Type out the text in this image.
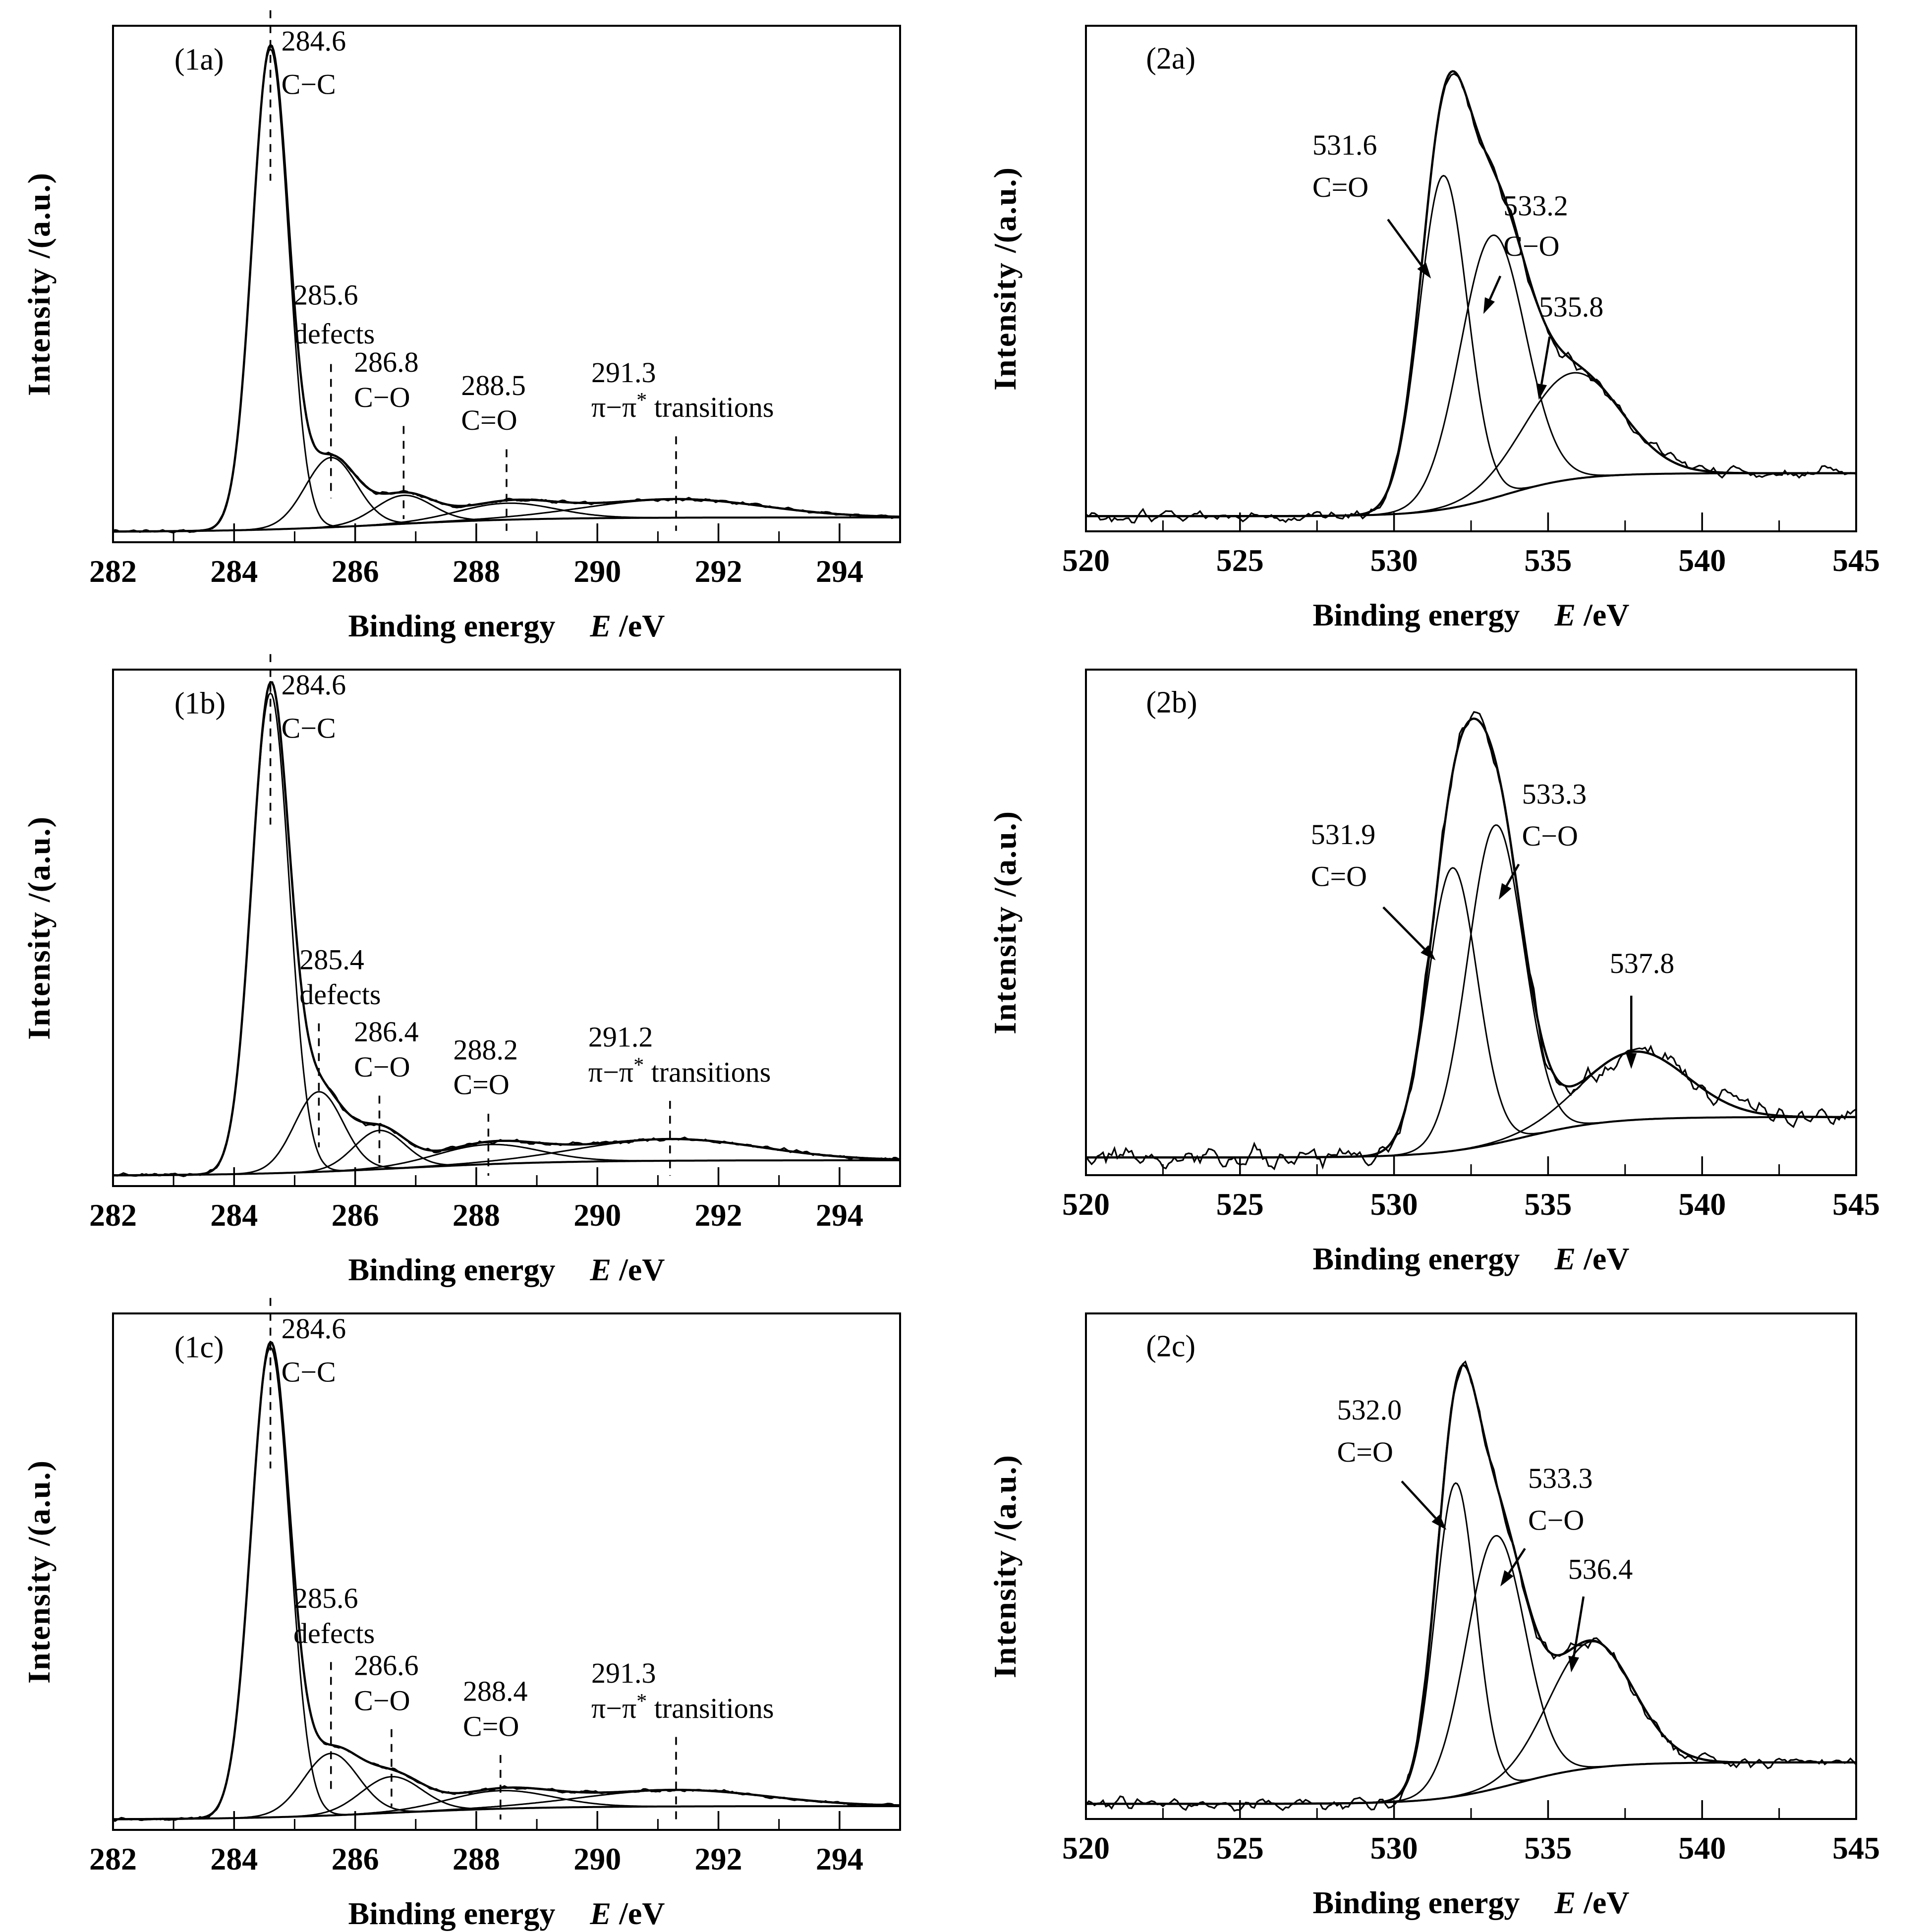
282 284 286 288 290 292 294
Binding energy E /eV
Intensity /(a.u.)
(1a)
284.6
C−C
285.6
defects
286.8
C−O 288.5
C=O
291.3
π−π* transitions
520	525	530	535	540	545
Binding energy E /eV
Intensity /(a.u.)
(2a)
531.6
C=O
533.2
C−O
535.8
282 284 286 288 290 292 294
Binding energy E /eV
Intensity /(a.u.)
(1b)
284.6
C−C
285.4
defects
286.4
C−O
288.2
C=O
291.2
π−π* transitions
520	525	530	535	540	545
Binding energy E /eV
Intensity /(a.u.)
(2b)
531.9
C=O
533.3
C−O
537.8
282 284 286 288 290 292 294
Binding energy E /eV
Intensity /(a.u.)
(1c)
284.6
C−C
285.6
defects
286.6
C−O 288.4
C=O
291.3
π−π* transitions
520	525	530	535	540	545
Binding energy E /eV
Intensity /(a.u.)
(2c)
532.0
C=O
533.3
C−O
536.4
